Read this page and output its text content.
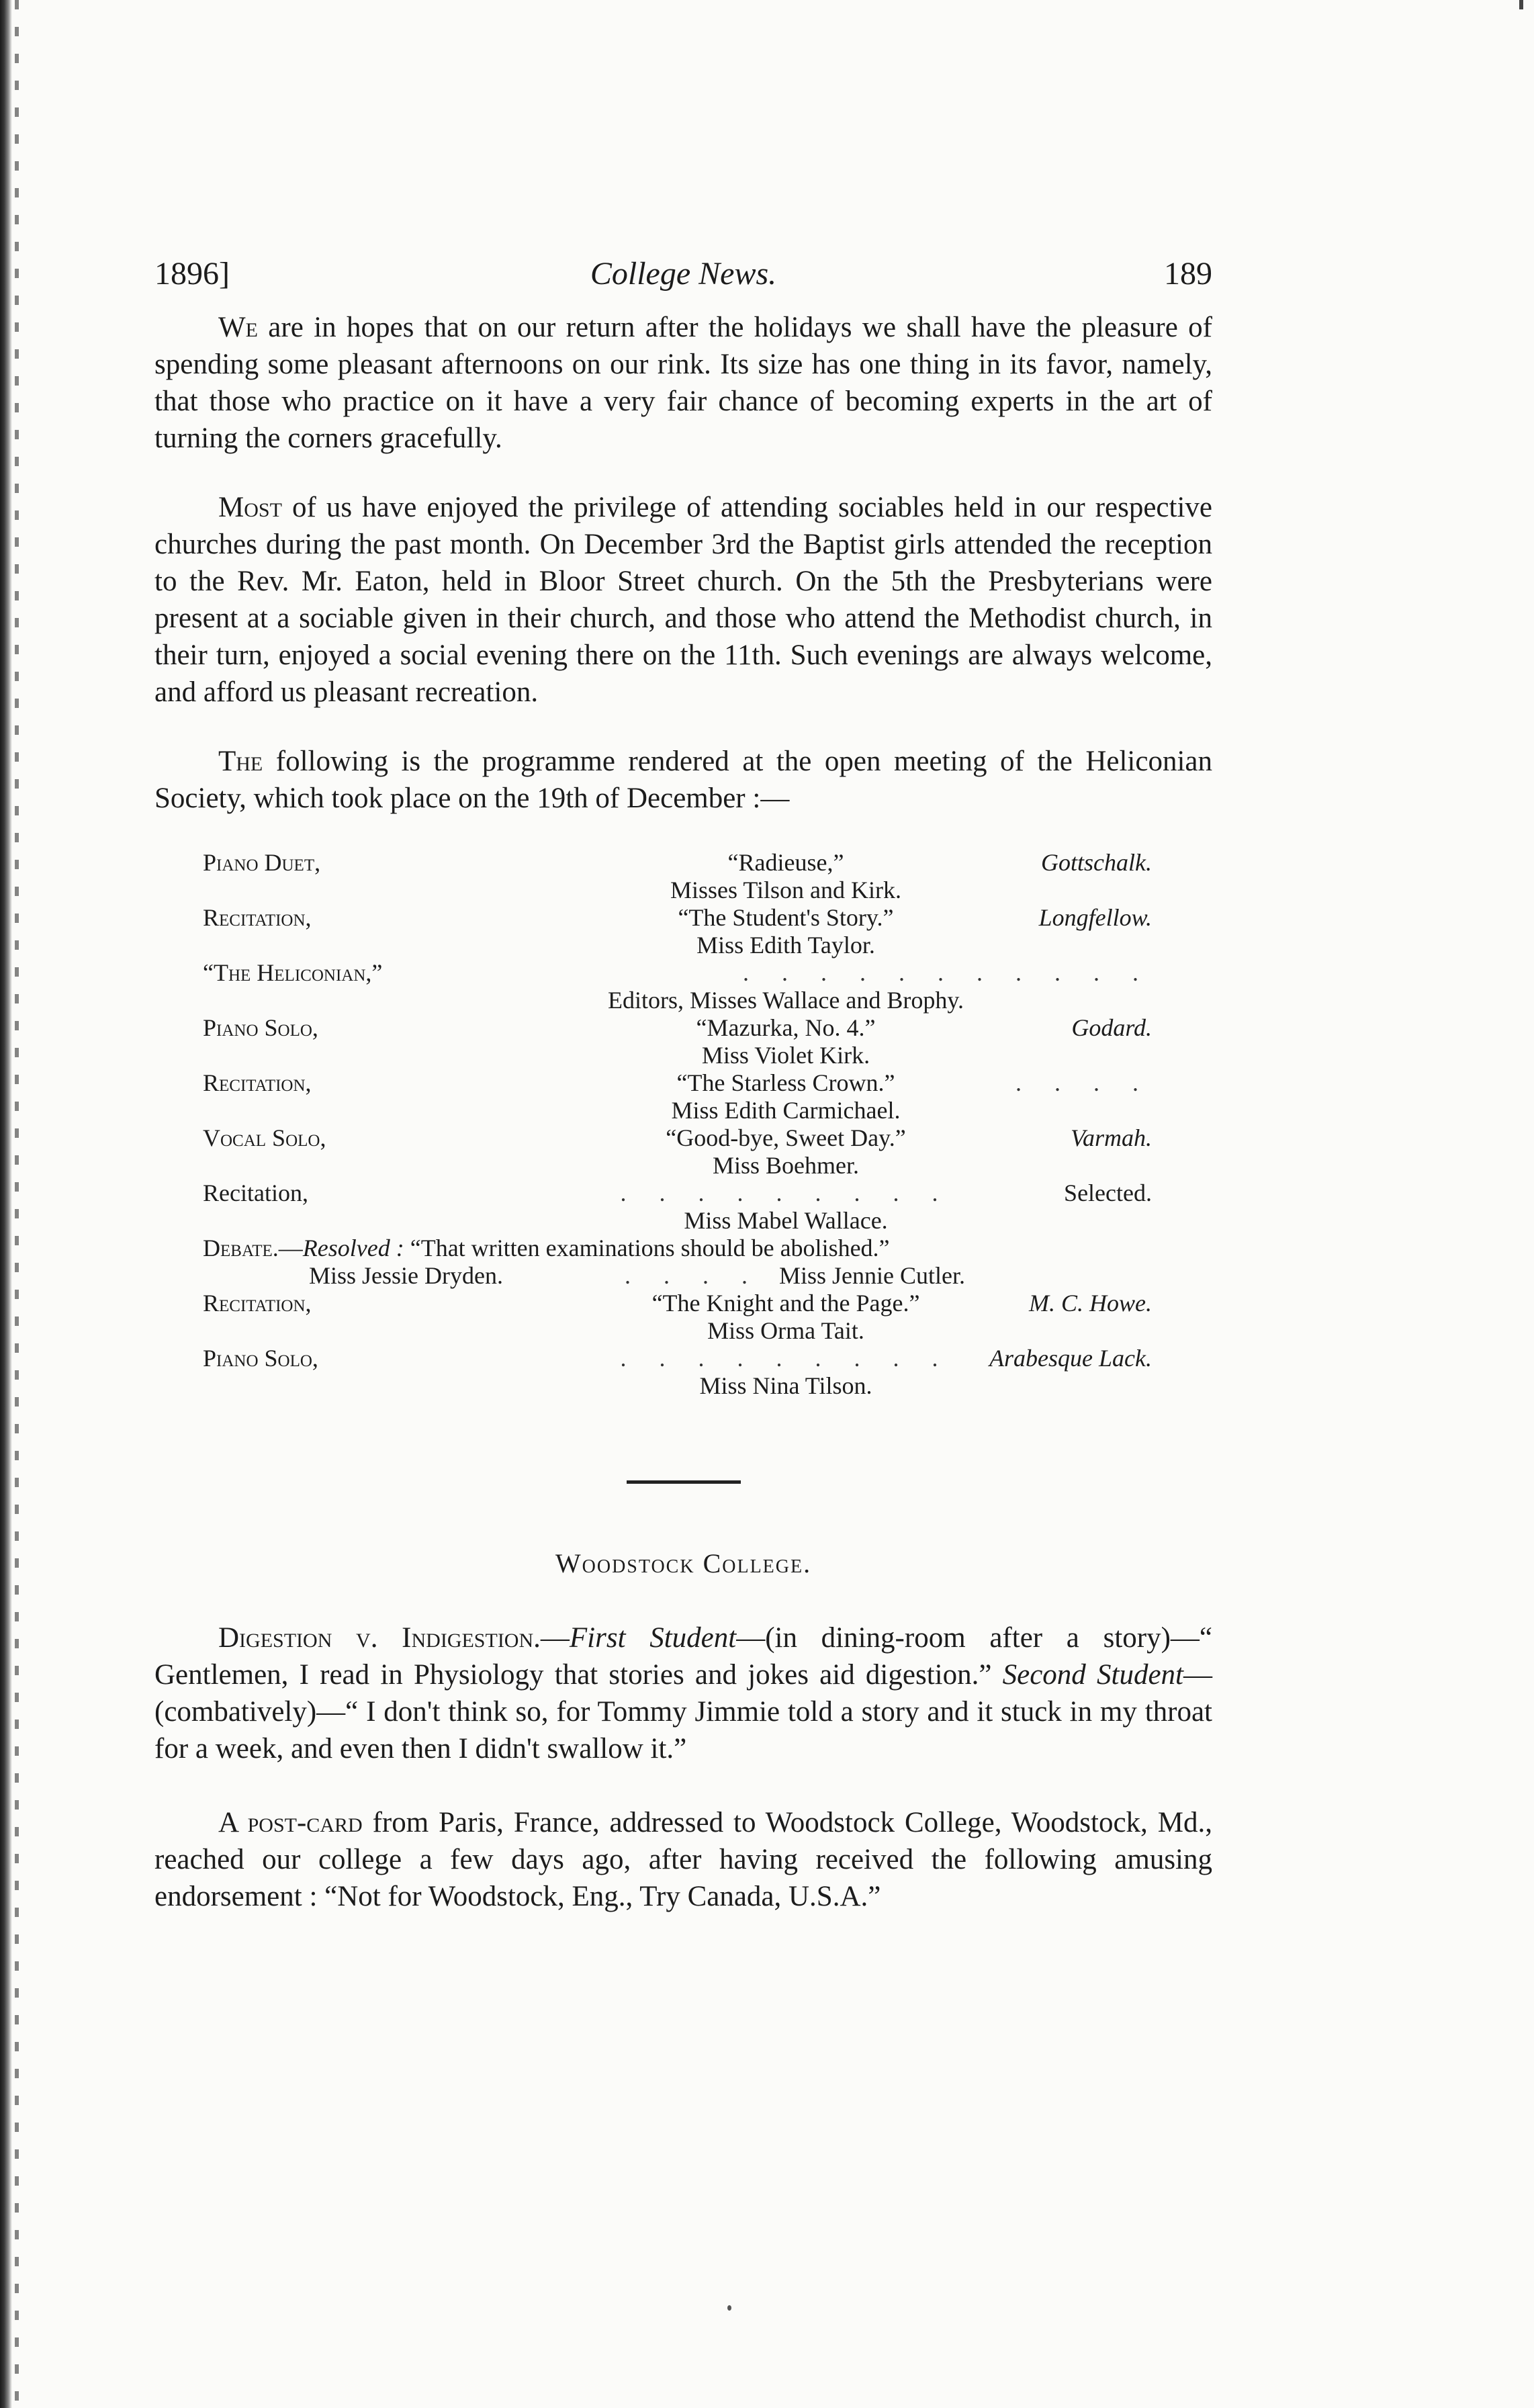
1896]	College News.	189

We are in hopes that on our return after the holidays we shall have the pleasure of spending some pleasant afternoons on our rink. Its size has one thing in its favor, namely, that those who practice on it have a very fair chance of becoming experts in the art of turning the corners gracefully.

Most of us have enjoyed the privilege of attending sociables held in our respective churches during the past month. On December 3rd the Baptist girls attended the reception to the Rev. Mr. Eaton, held in Bloor Street church. On the 5th the Presbyterians were present at a sociable given in their church, and those who attend the Methodist church, in their turn, enjoyed a social evening there on the 11th. Such evenings are always welcome, and afford us pleasant recreation.

The following is the programme rendered at the open meeting of the Heliconian Society, which took place on the 19th of December :—

Piano Duet,	“Radieuse,”	Gottschalk.
Misses Tilson and Kirk.
Recitation,	“The Student's Story.”	Longfellow.
Miss Edith Taylor.
“The Heliconian,”	. . . . . . . . . . .
Editors, Misses Wallace and Brophy.
Piano Solo,	“Mazurka, No. 4.”	Godard.
Miss Violet Kirk.
Recitation,	“The Starless Crown.”	. . . .
Miss Edith Carmichael.
Vocal Solo,	“Good-bye, Sweet Day.”	Varmah.
Miss Boehmer.
Recitation,	. . . . . . . . .	Selected.
Miss Mabel Wallace.
Debate.—Resolved : “That written examinations should be abolished.”
Miss Jessie Dryden.	. . . . Miss Jennie Cutler.
Recitation,	“The Knight and the Page.”	M. C. Howe.
Miss Orma Tait.
Piano Solo,	. . . . . . . . .	Arabesque Lack.
Miss Nina Tilson.
Woodstock College.

Digestion v. Indigestion.—First Student—(in dining-room after a story)—“ Gentlemen, I read in Physiology that stories and jokes aid digestion.” Second Student—(combatively)—“ I don't think so, for Tommy Jimmie told a story and it stuck in my throat for a week, and even then I didn't swallow it.”

A post-card from Paris, France, addressed to Woodstock College, Woodstock, Md., reached our college a few days ago, after having received the following amusing endorsement : “Not for Woodstock, Eng., Try Canada, U.S.A.”
